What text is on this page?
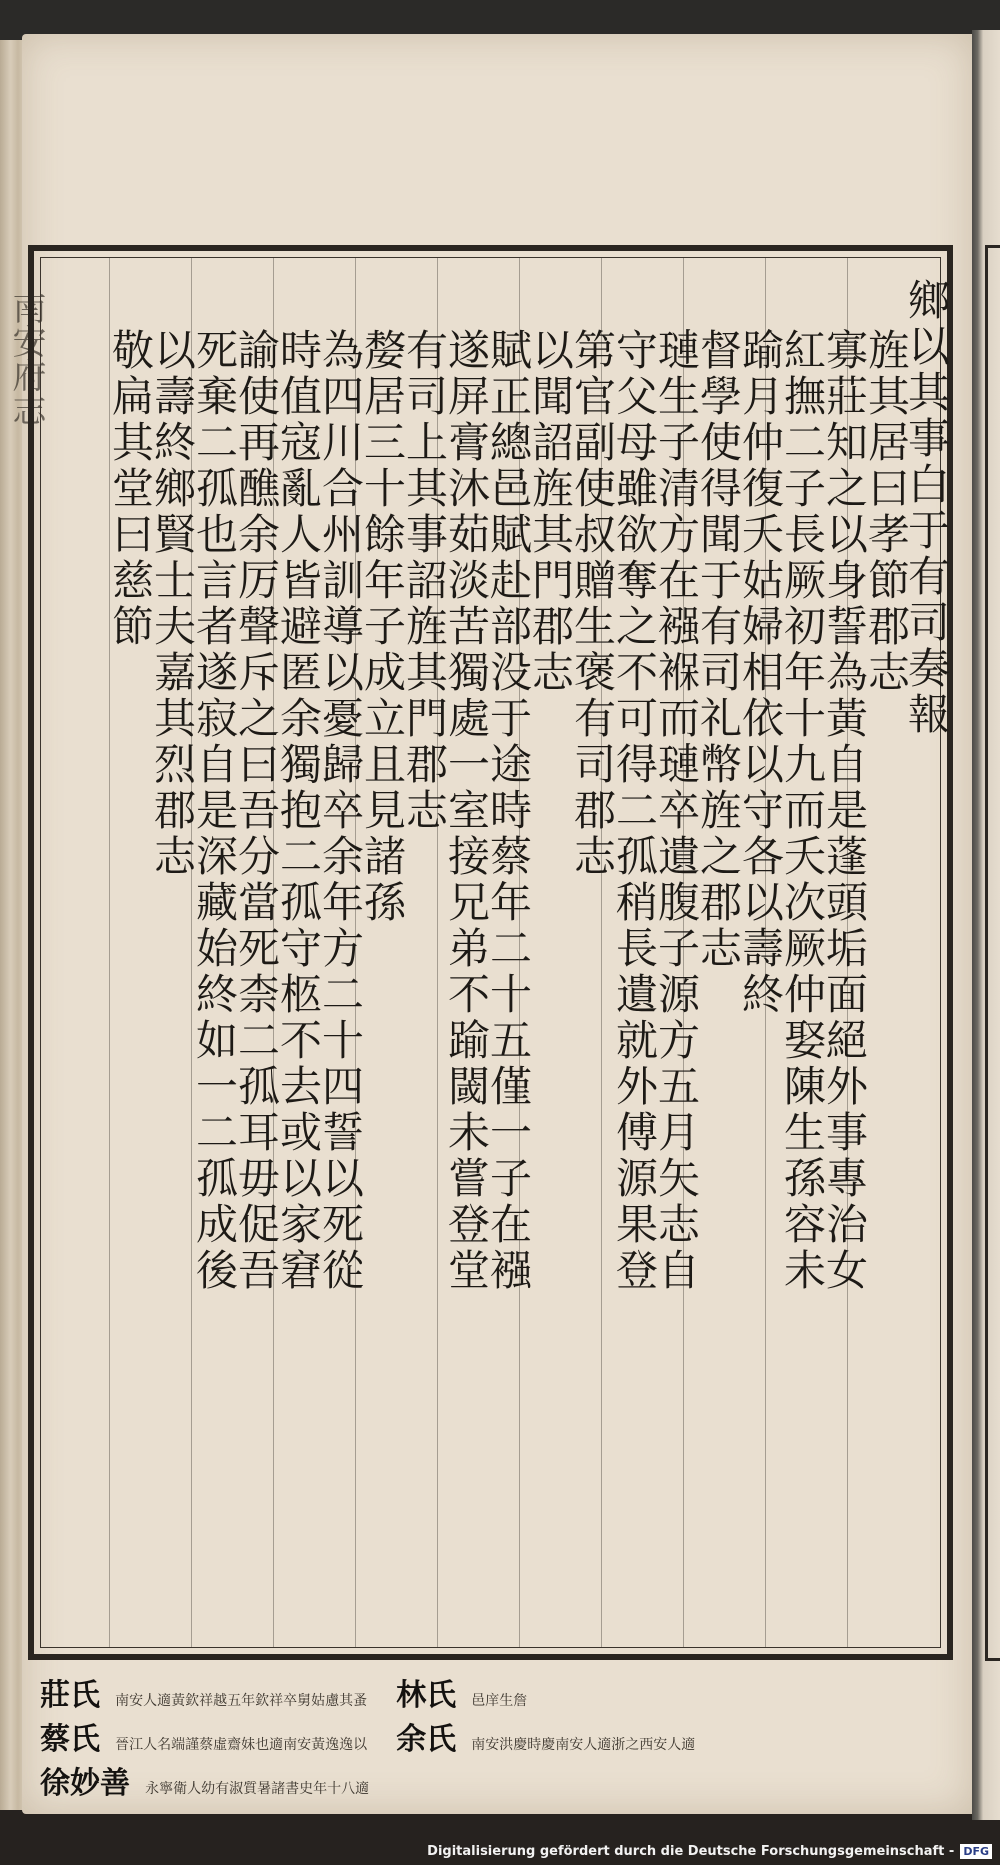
南安府志	鄉以其事白于有司奏報
旌其居曰孝節郡志
寡莊知之以身誓為黃自是蓬頭垢面絕外事專治女
紅撫二子長厥初年十九而夭次厥仲娶陳生孫容未
踰月仲復夭姑婦相依以守各以壽終
督學使得聞于有司礼幣旌之郡志
璉生子清方在襁褓而璉卒遺腹子源方五月矢志自
守父母雖欲奪之不可得二孤稍長遺就外傅源果登
第官副使叔贈生褒有司郡志
以聞詔旌其門郡志
賦正總邑賦赴部没于途時蔡年二十五僅一子在襁
遂屏膏沐茹淡苦獨處一室接兄弟不踰閾未嘗登堂
有司上其事詔旌其門郡志
嫠居三十餘年子成立且見諸孫
為四川合州訓導以憂歸卒余年方二十四誓以死從
時值寇亂人皆避匿余獨抱二孤守柩不去或以家窘
諭使再醮余厉聲斥之曰吾分當死柰二孤耳毋促吾
死棄二孤也言者遂寂自是深藏始終如一二孤成後
以壽終鄉賢士夫嘉其烈郡志
敬扁其堂曰慈節
莊氏 南安人適黃欽祥越五年欽祥卒舅姑慮其蚤 林氏 邑庠生詹
蔡氏 晉江人名端謹蔡虛齋妹也適南安黃逸逸以 余氏 南安洪慶時慶南安人適浙之西安人適
徐妙善 永寧衛人幼有淑質暑諸書史年十八適
Digitalisierung gefördert durch die Deutsche Forschungsgemeinschaft - DFG
